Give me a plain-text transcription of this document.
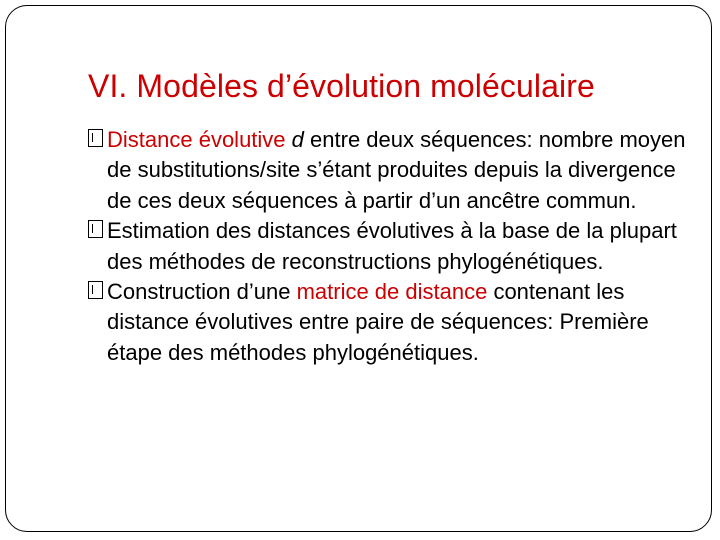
VI. Modèles d’évolution moléculaire
Distance évolutive d entre deux séquences: nombre moyen de substitutions/site s’étant produites depuis la divergence de ces deux séquences à partir d’un ancêtre commun.
Estimation des distances évolutives à la base de la plupart des méthodes de reconstructions phylogénétiques.
Construction d’une matrice de distance contenant les distance évolutives entre paire de séquences: Première étape des méthodes phylogénétiques.
